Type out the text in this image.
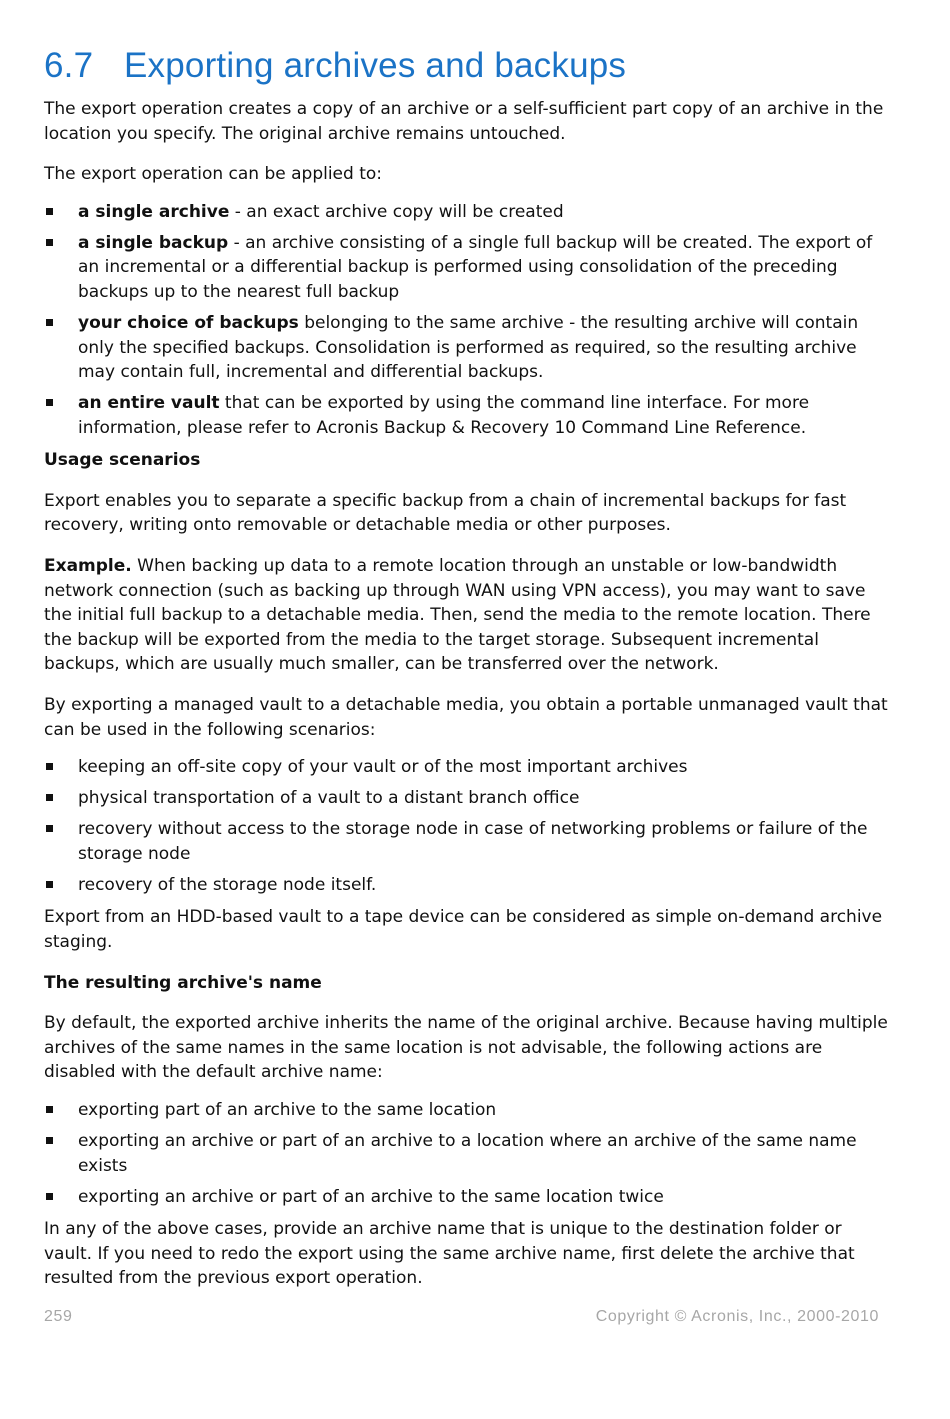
6.7 Exporting archives and backups

The export operation creates a copy of an archive or a self-sufficient part copy of an archive in the location you specify. The original archive remains untouched.

The export operation can be applied to:

a single archive - an exact archive copy will be created
a single backup - an archive consisting of a single full backup will be created. The export of an incremental or a differential backup is performed using consolidation of the preceding backups up to the nearest full backup
your choice of backups belonging to the same archive - the resulting archive will contain only the specified backups. Consolidation is performed as required, so the resulting archive may contain full, incremental and differential backups.
an entire vault that can be exported by using the command line interface. For more information, please refer to Acronis Backup & Recovery 10 Command Line Reference.

Usage scenarios

Export enables you to separate a specific backup from a chain of incremental backups for fast recovery, writing onto removable or detachable media or other purposes.

Example. When backing up data to a remote location through an unstable or low-bandwidth network connection (such as backing up through WAN using VPN access), you may want to save the initial full backup to a detachable media. Then, send the media to the remote location. There the backup will be exported from the media to the target storage. Subsequent incremental backups, which are usually much smaller, can be transferred over the network.

By exporting a managed vault to a detachable media, you obtain a portable unmanaged vault that can be used in the following scenarios:

keeping an off-site copy of your vault or of the most important archives
physical transportation of a vault to a distant branch office
recovery without access to the storage node in case of networking problems or failure of the storage node
recovery of the storage node itself.

Export from an HDD-based vault to a tape device can be considered as simple on-demand archive staging.

The resulting archive's name

By default, the exported archive inherits the name of the original archive. Because having multiple archives of the same names in the same location is not advisable, the following actions are disabled with the default archive name:

exporting part of an archive to the same location
exporting an archive or part of an archive to a location where an archive of the same name exists
exporting an archive or part of an archive to the same location twice

In any of the above cases, provide an archive name that is unique to the destination folder or vault. If you need to redo the export using the same archive name, first delete the archive that resulted from the previous export operation.

259	Copyright © Acronis, Inc., 2000-2010
